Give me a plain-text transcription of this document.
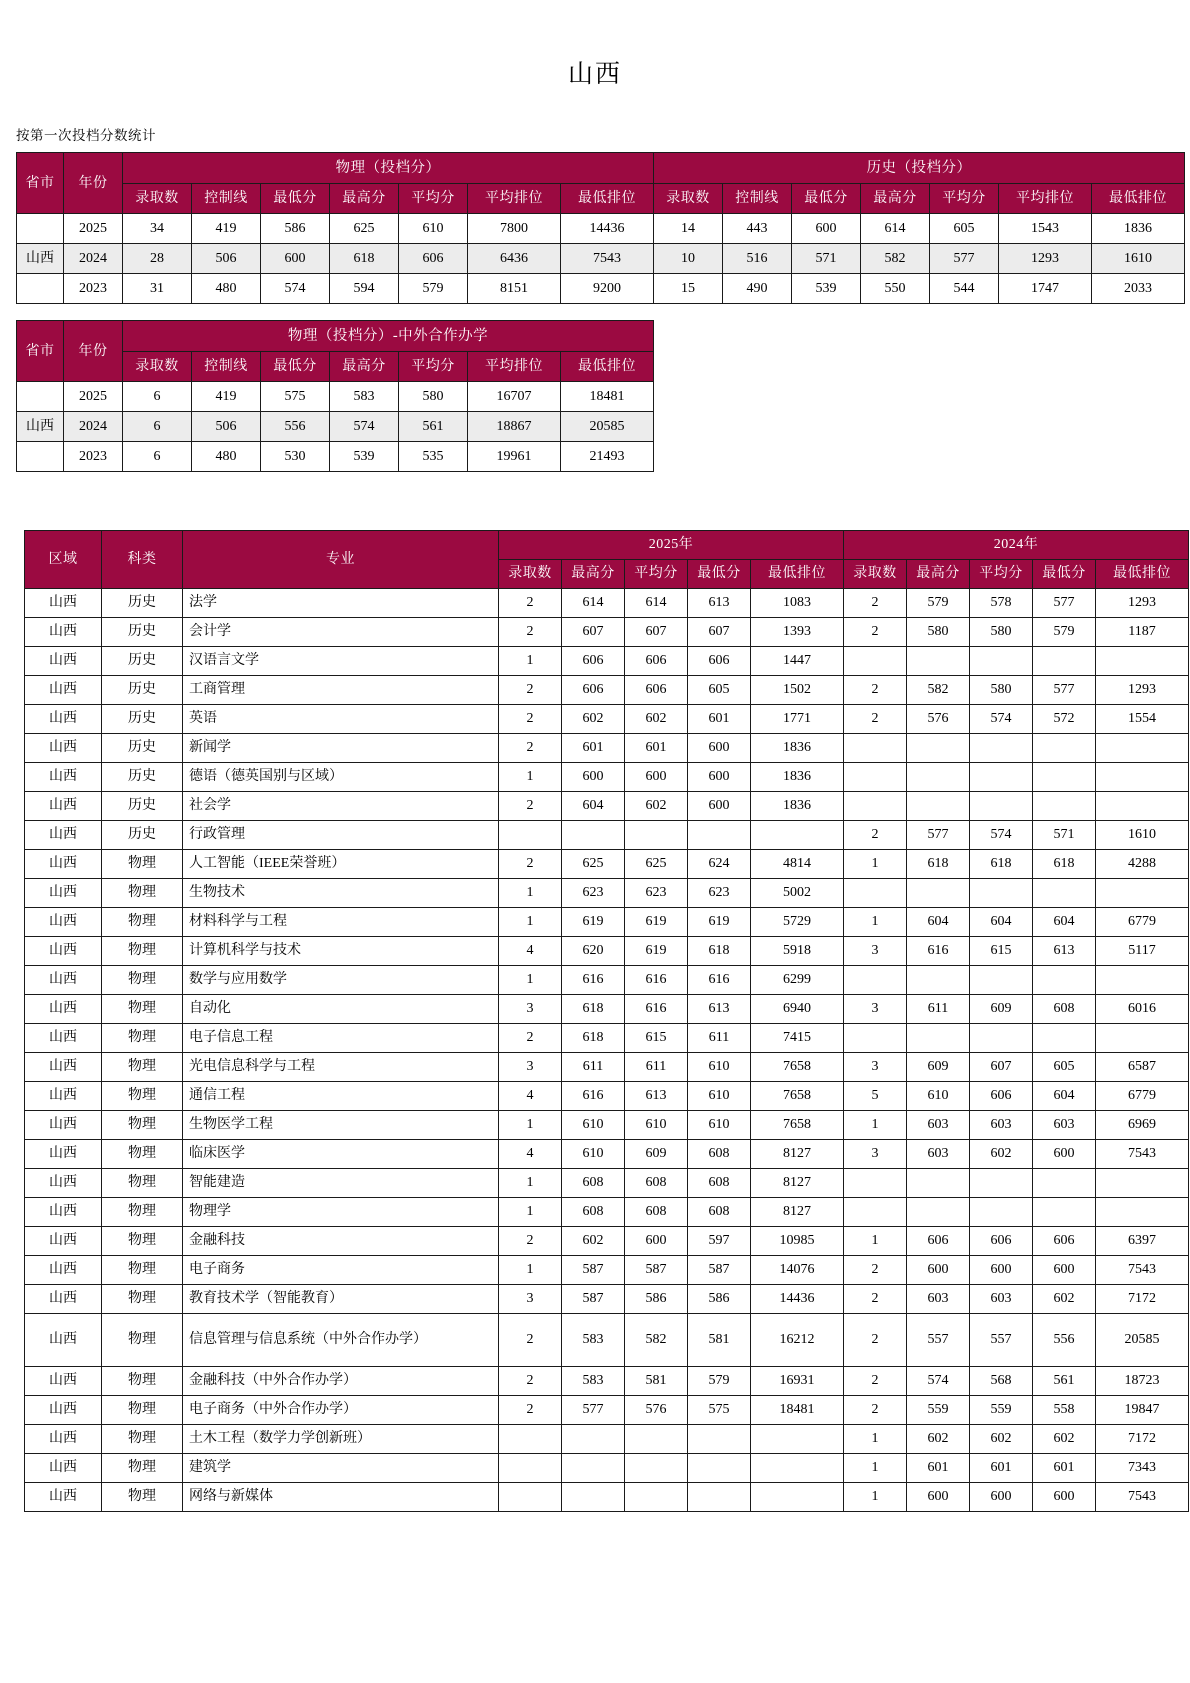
山西
按第一次投档分数统计
省市	年份	物理（投档分）							历史（投档分）						
		录取数	控制线	最低分	最高分	平均分	平均排位	最低排位	录取数	控制线	最低分	最高分	平均分	平均排位	最低排位
	2025	34	419	586	625	610	7800	14436	14	443	600	614	605	1543	1836
山西	2024	28	506	600	618	606	6436	7543	10	516	571	582	577	1293	1610
	2023	31	480	574	594	579	8151	9200	15	490	539	550	544	1747	2033
省市	年份	物理（投档分）-中外合作办学						
		录取数	控制线	最低分	最高分	平均分	平均排位	最低排位
	2025	6	419	575	583	580	16707	18481
山西	2024	6	506	556	574	561	18867	20585
	2023	6	480	530	539	535	19961	21493
区域	科类	专业	2025年					2024年				
			录取数	最高分	平均分	最低分	最低排位	录取数	最高分	平均分	最低分	最低排位
山西	历史	法学	2	614	614	613	1083	2	579	578	577	1293
山西	历史	会计学	2	607	607	607	1393	2	580	580	579	1187
山西	历史	汉语言文学	1	606	606	606	1447					
山西	历史	工商管理	2	606	606	605	1502	2	582	580	577	1293
山西	历史	英语	2	602	602	601	1771	2	576	574	572	1554
山西	历史	新闻学	2	601	601	600	1836					
山西	历史	德语（德英国别与区域）	1	600	600	600	1836					
山西	历史	社会学	2	604	602	600	1836					
山西	历史	行政管理						2	577	574	571	1610
山西	物理	人工智能（IEEE荣誉班）	2	625	625	624	4814	1	618	618	618	4288
山西	物理	生物技术	1	623	623	623	5002					
山西	物理	材料科学与工程	1	619	619	619	5729	1	604	604	604	6779
山西	物理	计算机科学与技术	4	620	619	618	5918	3	616	615	613	5117
山西	物理	数学与应用数学	1	616	616	616	6299					
山西	物理	自动化	3	618	616	613	6940	3	611	609	608	6016
山西	物理	电子信息工程	2	618	615	611	7415					
山西	物理	光电信息科学与工程	3	611	611	610	7658	3	609	607	605	6587
山西	物理	通信工程	4	616	613	610	7658	5	610	606	604	6779
山西	物理	生物医学工程	1	610	610	610	7658	1	603	603	603	6969
山西	物理	临床医学	4	610	609	608	8127	3	603	602	600	7543
山西	物理	智能建造	1	608	608	608	8127					
山西	物理	物理学	1	608	608	608	8127					
山西	物理	金融科技	2	602	600	597	10985	1	606	606	606	6397
山西	物理	电子商务	1	587	587	587	14076	2	600	600	600	7543
山西	物理	教育技术学（智能教育）	3	587	586	586	14436	2	603	603	602	7172
山西	物理	信息管理与信息系统（中外合作办学）	2	583	582	581	16212	2	557	557	556	20585
山西	物理	金融科技（中外合作办学）	2	583	581	579	16931	2	574	568	561	18723
山西	物理	电子商务（中外合作办学）	2	577	576	575	18481	2	559	559	558	19847
山西	物理	土木工程（数学力学创新班）						1	602	602	602	7172
山西	物理	建筑学						1	601	601	601	7343
山西	物理	网络与新媒体						1	600	600	600	7543
